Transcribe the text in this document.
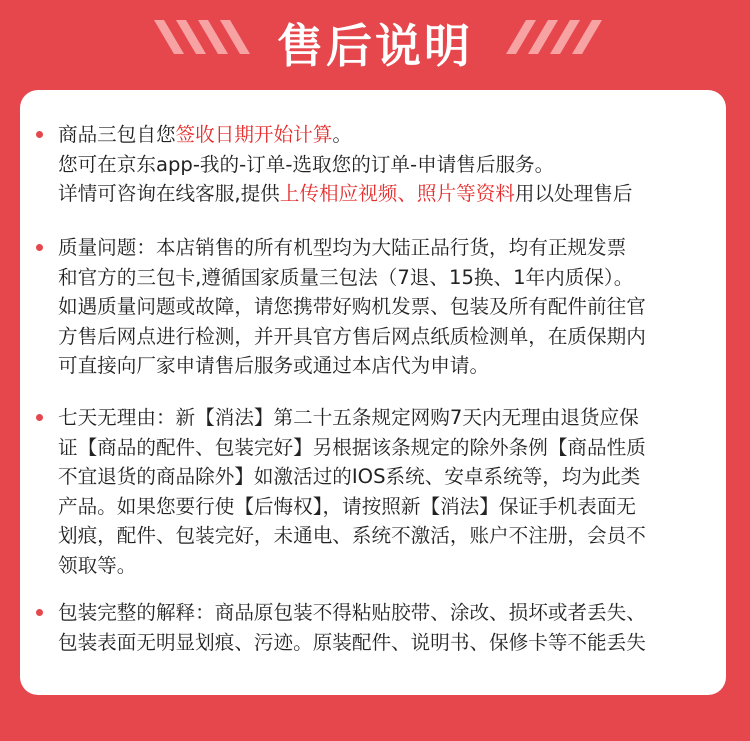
售后说明
商品三包自您签收日期开始计算。
您可在京东app-我的-订单-选取您的订单-申请售后服务。
详情可咨询在线客服,提供上传相应视频、照片等资料用以处理售后
质量问题：本店销售的所有机型均为大陆正品行货，均有正规发票
和官方的三包卡,遵循国家质量三包法（7退、15换、1年内质保）。
如遇质量问题或故障，请您携带好购机发票、包装及所有配件前往官
方售后网点进行检测，并开具官方售后网点纸质检测单，在质保期内
可直接向厂家申请售后服务或通过本店代为申请。
七天无理由：新【消法】第二十五条规定网购7天内无理由退货应保
证【商品的配件、包装完好】另根据该条规定的除外条例【商品性质
不宜退货的商品除外】如激活过的IOS系统、安卓系统等，均为此类
产品。如果您要行使【后悔权】，请按照新【消法】保证手机表面无
划痕，配件、包装完好，未通电、系统不激活，账户不注册，会员不
领取等。
包装完整的解释：商品原包装不得粘贴胶带、涂改、损坏或者丢失、
包装表面无明显划痕、污迹。原装配件、说明书、保修卡等不能丢失
